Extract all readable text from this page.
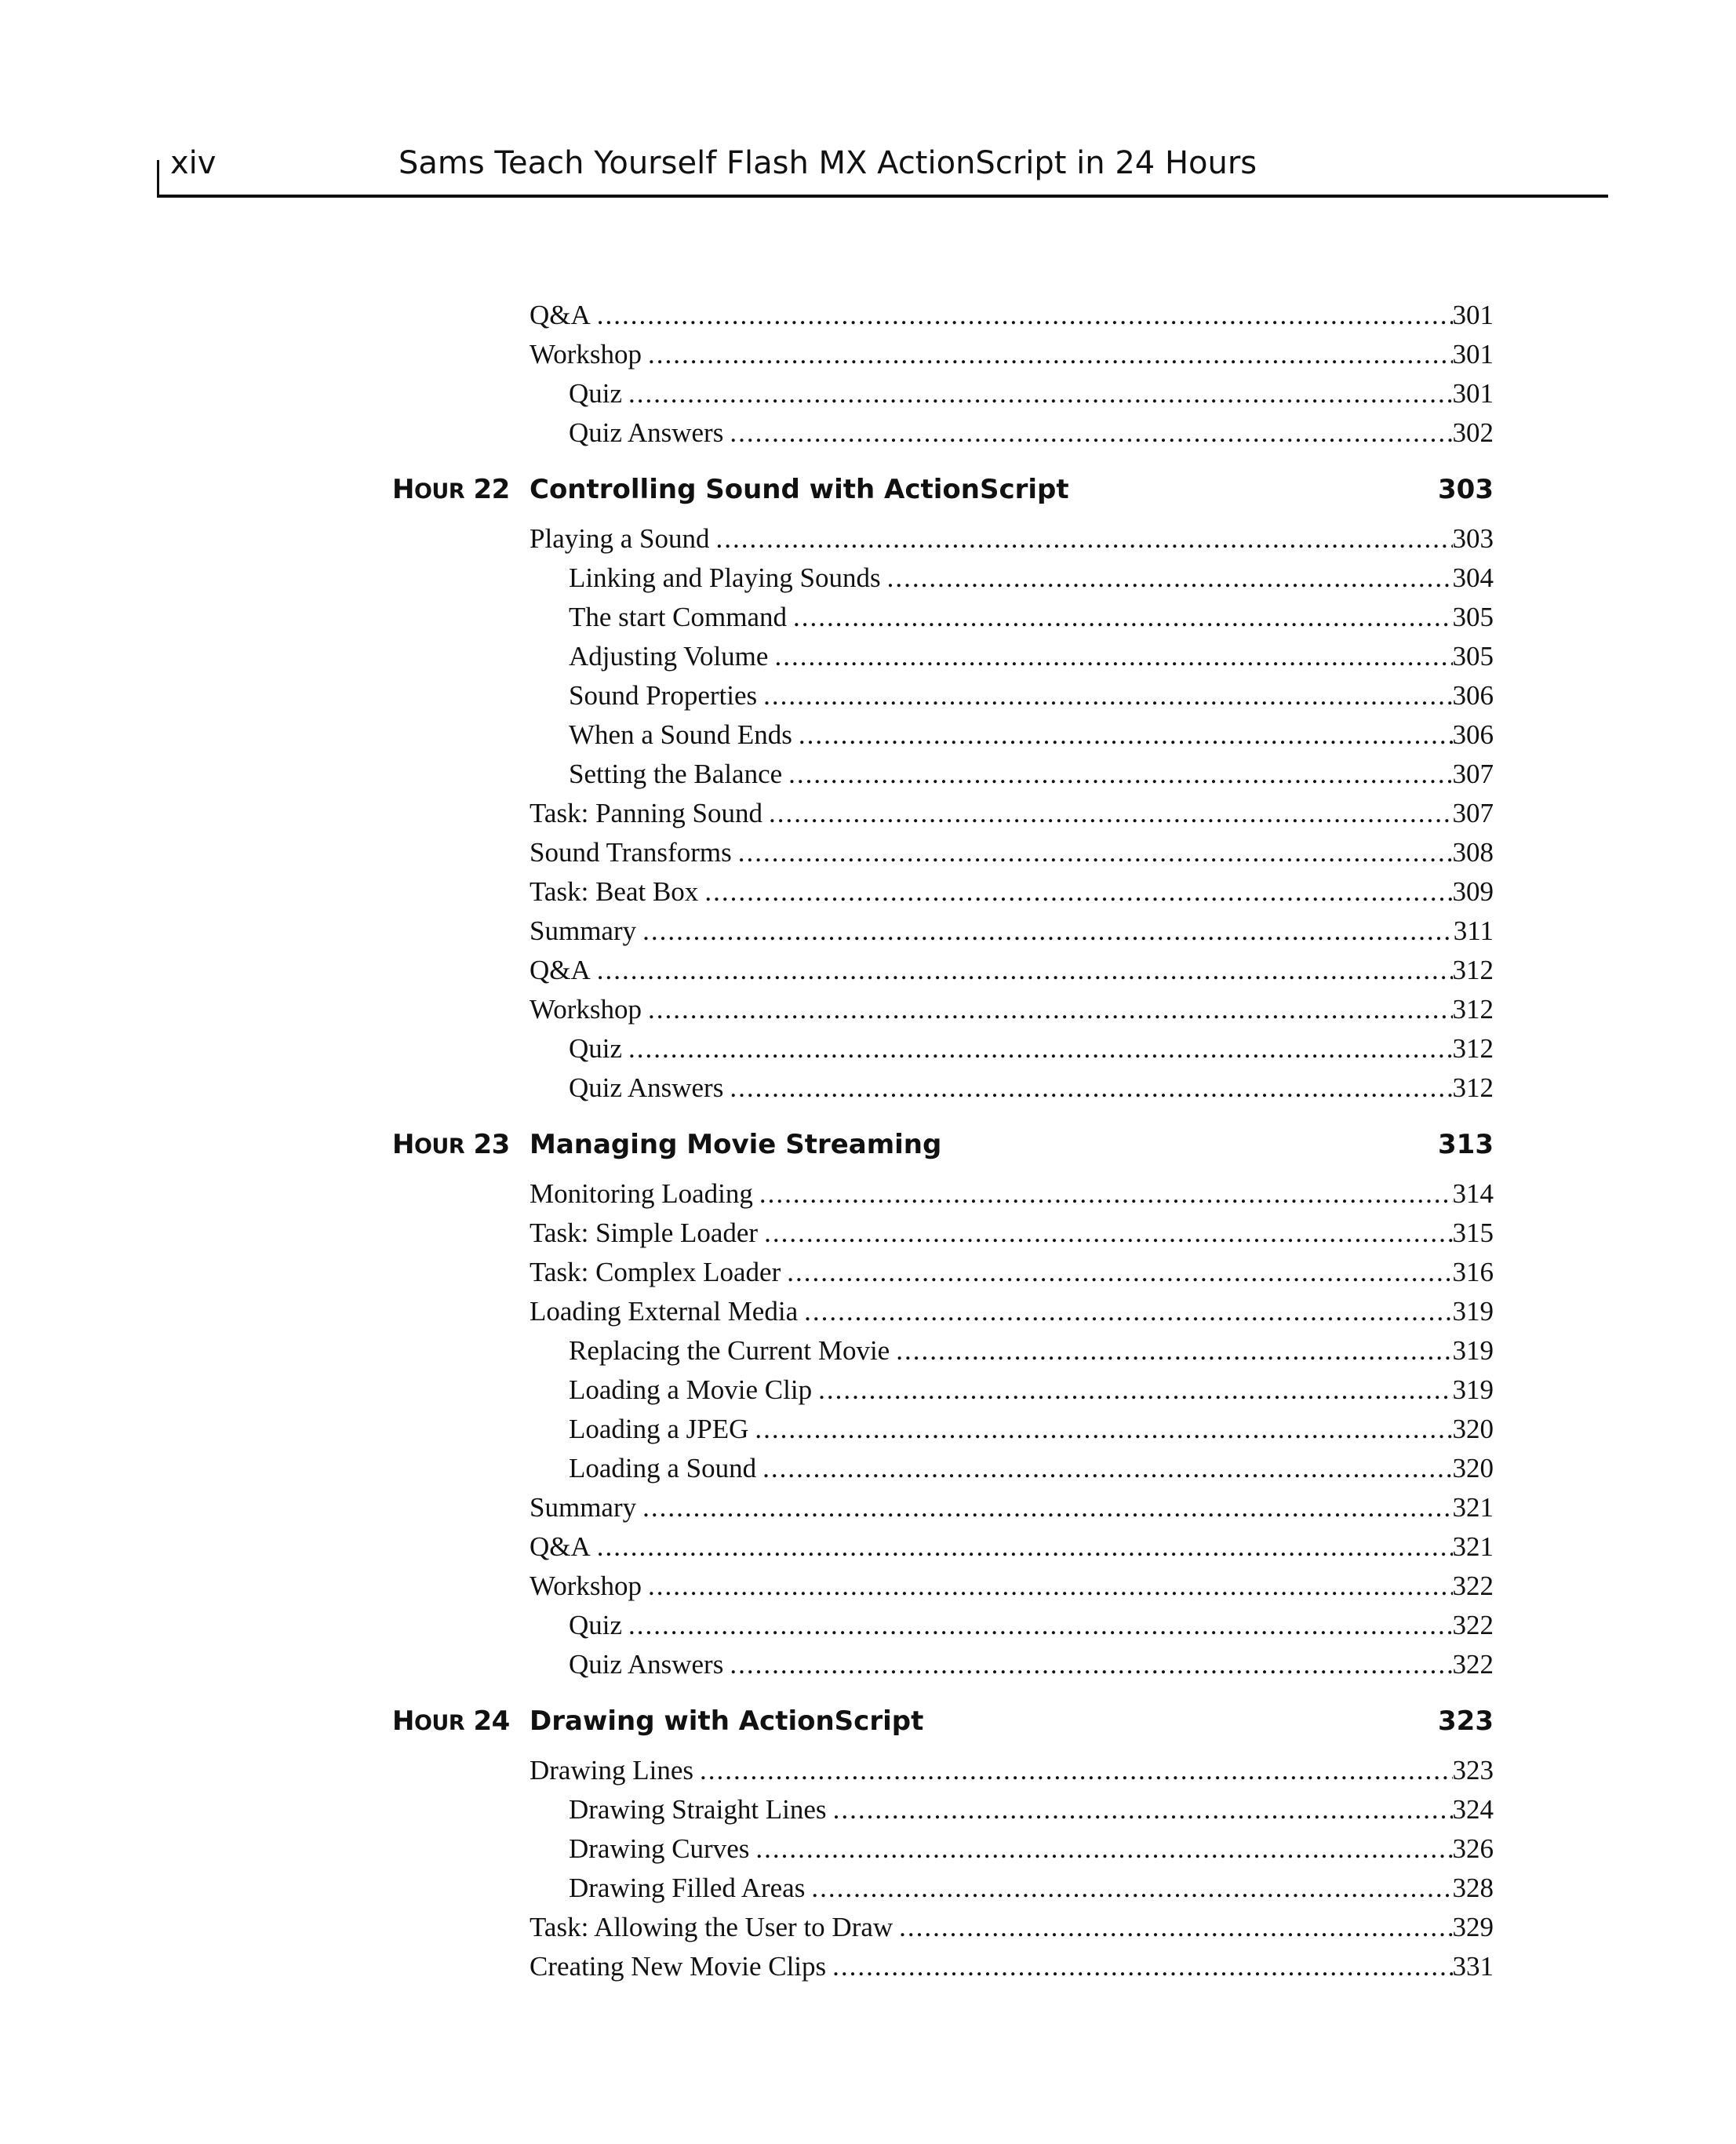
xiv	Sams Teach Yourself Flash MX ActionScript in 24 Hours
Q&A .....	301
Workshop .....	301
Quiz .....	301
Quiz Answers .....	302
HOUR 22 Controlling Sound with ActionScript	303
Playing a Sound .....	303
Linking and Playing Sounds .....	304
The start Command .....	305
Adjusting Volume .....	305
Sound Properties .....	306
When a Sound Ends .....	306
Setting the Balance .....	307
Task: Panning Sound .....	307
Sound Transforms .....	308
Task: Beat Box .....	309
Summary .....	311
Q&A .....	312
Workshop .....	312
Quiz .....	312
Quiz Answers .....	312
HOUR 23 Managing Movie Streaming	313
Monitoring Loading .....	314
Task: Simple Loader .....	315
Task: Complex Loader .....	316
Loading External Media .....	319
Replacing the Current Movie .....	319
Loading a Movie Clip .....	319
Loading a JPEG .....	320
Loading a Sound .....	320
Summary .....	321
Q&A .....	321
Workshop .....	322
Quiz .....	322
Quiz Answers .....	322
HOUR 24 Drawing with ActionScript	323
Drawing Lines .....	323
Drawing Straight Lines .....	324
Drawing Curves .....	326
Drawing Filled Areas .....	328
Task: Allowing the User to Draw .....	329
Creating New Movie Clips .....	331
